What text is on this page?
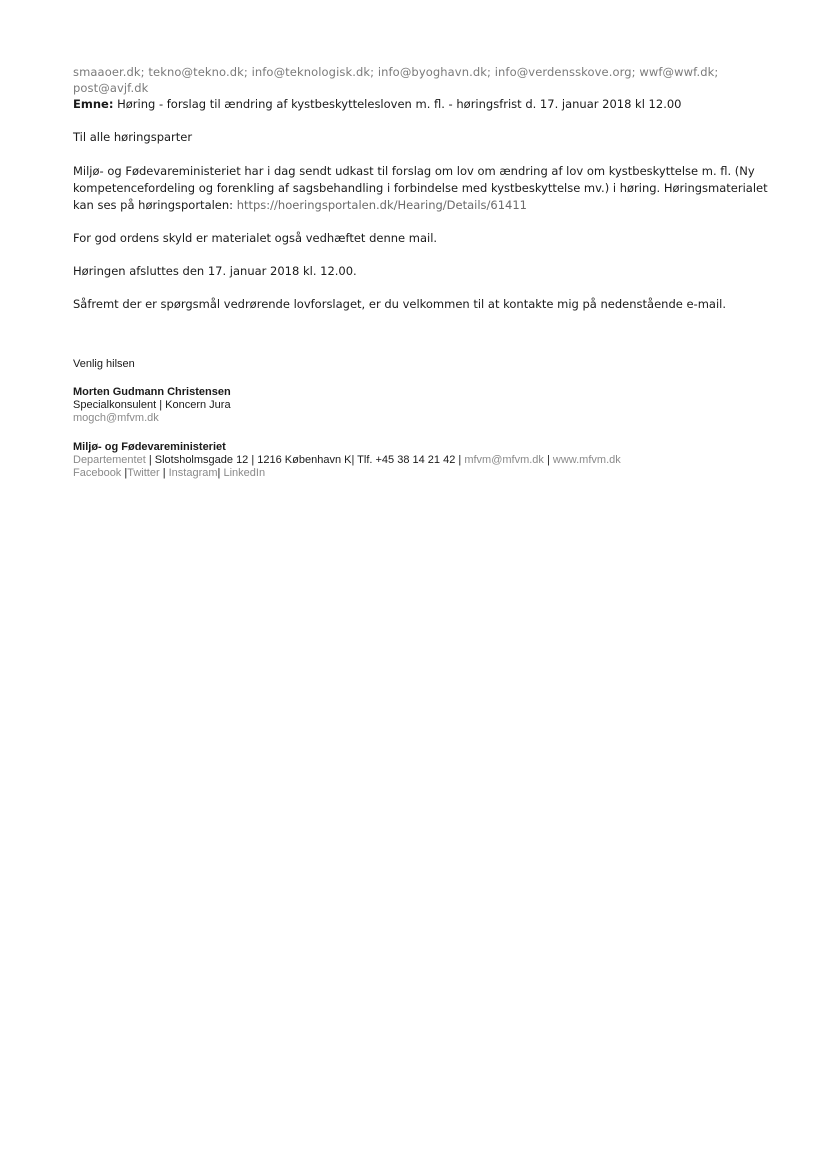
smaaoer.dk; tekno@tekno.dk; info@teknologisk.dk; info@byoghavn.dk; info@verdensskove.org; wwf@wwf.dk;
post@avjf.dk
Emne: Høring - forslag til ændring af kystbeskyttelesloven m. fl. - høringsfrist d. 17. januar 2018 kl 12.00
Til alle høringsparter
Miljø- og Fødevareministeriet har i dag sendt udkast til forslag om lov om ændring af lov om kystbeskyttelse m. fl. (Ny
kompetencefordeling og forenkling af sagsbehandling i forbindelse med kystbeskyttelse mv.) i høring. Høringsmaterialet
kan ses på høringsportalen: https://hoeringsportalen.dk/Hearing/Details/61411
For god ordens skyld er materialet også vedhæftet denne mail.
Høringen afsluttes den 17. januar 2018 kl. 12.00.
Såfremt der er spørgsmål vedrørende lovforslaget, er du velkommen til at kontakte mig på nedenstående e-mail.
Venlig hilsen
Morten Gudmann Christensen
Specialkonsulent | Koncern Jura
mogch@mfvm.dk
Miljø- og Fødevareministeriet
Departementet | Slotsholmsgade 12 | 1216 København K| Tlf. +45 38 14 21 42 | mfvm@mfvm.dk | www.mfvm.dk
Facebook |Twitter | Instagram| LinkedIn
